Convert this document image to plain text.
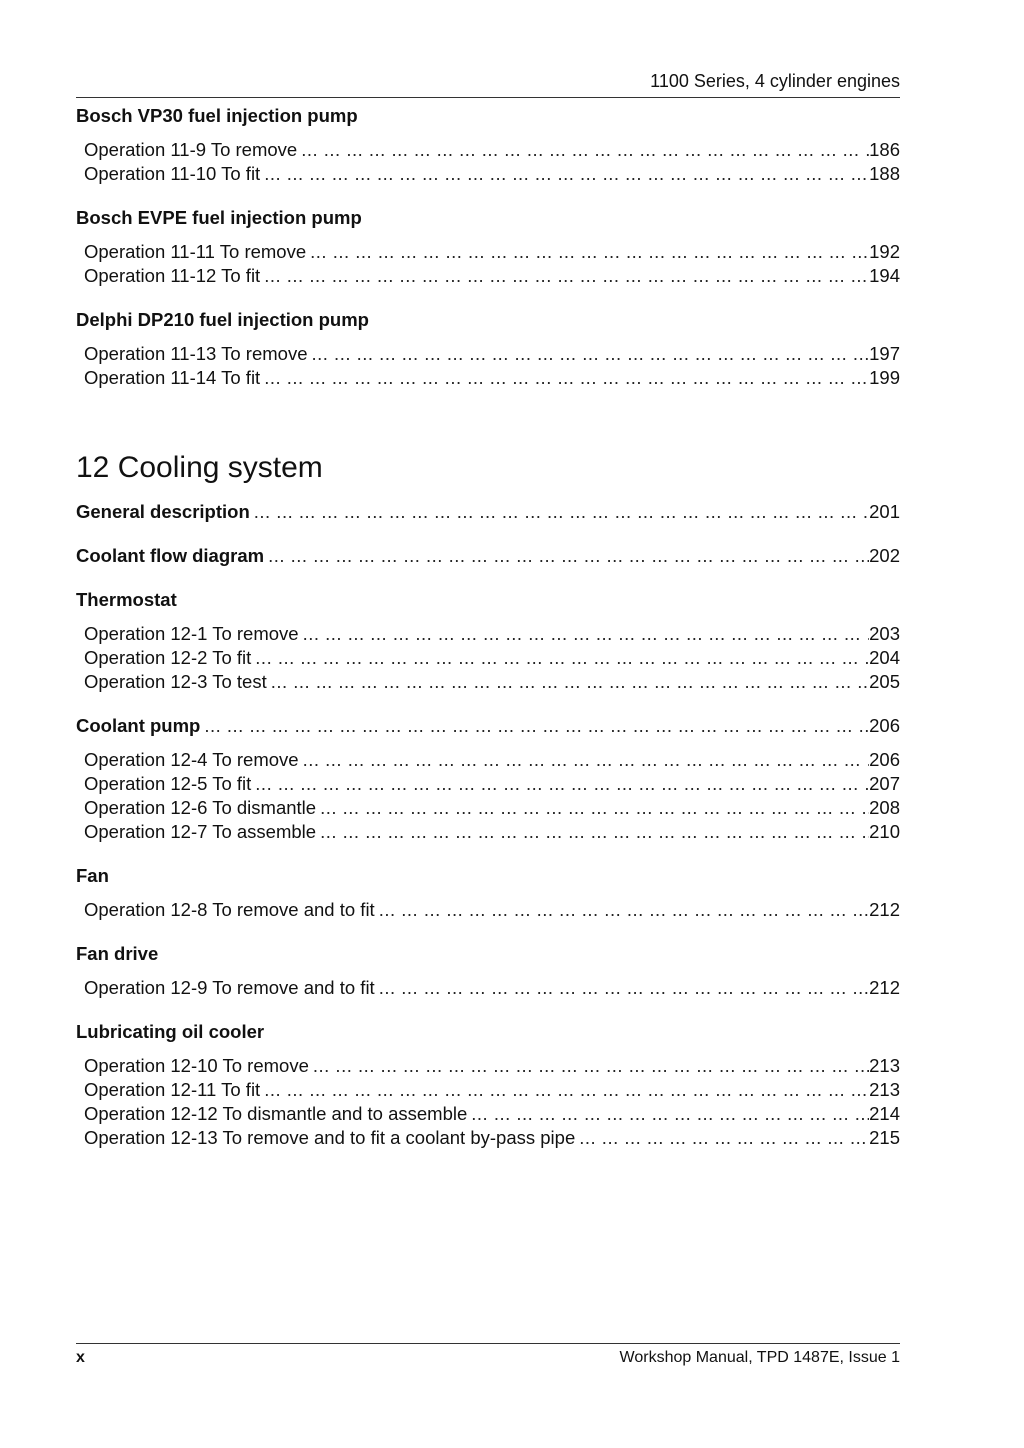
1100 Series, 4 cylinder engines
Bosch VP30 fuel injection pump
Operation 11-9 To remove ... .	186
Operation 11-10 To fit ... .	188
Bosch EVPE fuel injection pump
Operation 11-11 To remove ... .	192
Operation 11-12 To fit ... .	194
Delphi DP210 fuel injection pump
Operation 11-13 To remove ... .	197
Operation 11-14 To fit ... .	199
12 Cooling system
General description ... .	201
Coolant flow diagram ... .	202
Thermostat
Operation 12-1 To remove ... .	203
Operation 12-2 To fit ... .	204
Operation 12-3 To test ... .	205
Coolant pump ... .	206
Operation 12-4 To remove ... .	206
Operation 12-5 To fit ... .	207
Operation 12-6 To dismantle ... .	208
Operation 12-7 To assemble ... .	210
Fan
Operation 12-8 To remove and to fit ... .	212
Fan drive
Operation 12-9 To remove and to fit ... .	212
Lubricating oil cooler
Operation 12-10 To remove ... .	213
Operation 12-11 To fit ... .	213
Operation 12-12 To dismantle and to assemble ... .	214
Operation 12-13 To remove and to fit a coolant by-pass pipe ... .	215
x	Workshop Manual, TPD 1487E, Issue 1
